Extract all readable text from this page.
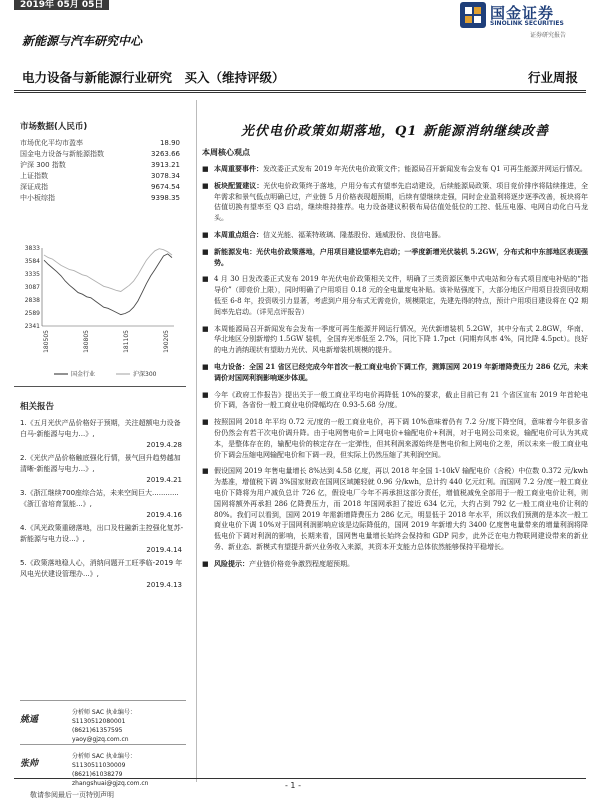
2019年 05月 05日	国金证券
SINOLINK SECURITIES
证券研究报告
新能源与汽车研究中心
电力设备与新能源行业研究　买入（维持评级）	行业周报
市场数据(人民币)
市场优化平均市盈率	18.90
国金电力设备与新能源指数	3263.66
沪深 300 指数	3913.21
上证指数	3078.34
深证成指	9674.54
中小板综指	9398.35
3833
3584
3335
3087
2838
2589
2341
180505	180805	181105	190205
国金行业	沪深300
相关报告
1.《五月光伏产品价格好于预期，关注超额电力设备白马-新能源与电力...》,
2019.4.28
2.《光伏产品价格触底强化行情，景气回升趋势越加清晰-新能源与电力...》,
2019.4.21
3.《浙江继续700座综合站，未来空间巨大............ 《浙江省培育氢能...》,
2019.4.16
4.《风光政策重磅落地，出口及柱融新主控强化复苏-新能源与电力设...》,
2019.4.14
5.《政策落地稳人心，消纳问题开工旺季临-2019 年风电光伏建设管理办...》,
2019.4.13
姚遥
分析师 SAC 执业编号：S1130512080001
(8621)61357595
yaoy@gjzq.com.cn
张帅
分析师 SAC 执业编号：S1130511030009
(8621)61038279
zhangshuai@gjzq.com.cn
光伏电价政策如期落地，Q1 新能源消纳继续改善
本周核心观点
■ 本周重要事件：发改委正式发布 2019 年光伏电价政策文件；能源局召开新闻发布会发布 Q1 可再生能源并网运行情况。
■ 板块配置建议：光伏电价政策终于落地，户用分布式有望率先启动建设，后续能源局政策、项目竞价排序将陆续推进，全年需求和景气低点明确已过，产业链 5 月价格表现超预期，后续有望继续走强，同时企业盈利将逐步逐季改善，板块将年估值切换有望率至 Q3 启动，继续维持推荐。电力设备建议积极布局估值处低位的工控、低压电器、电网自动化白马龙头。
■ 本周重点组合：信义光能、福莱特玻璃、隆基股份、通威股份、良信电器。
■ 新能源发电：光伏电价政策落地，户用项目建设望率先启动；一季度新增光伏装机 5.2GW，分布式和中东部地区表现强势。
■ 4 月 30 日发改委正式发布 2019 年光伏电价政策相关文件，明确了三类资源区集中式电站和分布式项目度电补贴的“指导价”（即竞价上限），同时明确了户用项目 0.18 元的全电量度电补贴。该补贴强度下，大部分地区户用项目投资回收期低至 6-8 年，投资吸引力显著，考虑到户用分布式无需竞价，规模限定，先建先得的特点，预计户用项目建设将在 Q2 期间率先启动。（详见点评报告）
■ 本周能源局召开新闻发布会发布一季度可再生能源并网运行情况，光伏新增装机 5.2GW，其中分布式 2.8GW，华南、华北地区分别新增约 1.5GW 装机，全国弃光率低至 2.7%，同比下降 1.7pct（同期弃风率 4%，同比降 4.5pct）。良好的电力消纳现状有望助力光伏、风电新增装机规模的提升。
■ 电力设备：全国 21 省区已经完成今年首次一般工商业电价下调工作，测算国网 2019 年新增降费压力 286 亿元，未来调价对国网利润影响逐步体现。
■ 今年《政府工作报告》提出关于一般工商业平均电价再降低 10%的要求，截止目前已有 21 个省区宣布 2019 年首轮电价下调，各省份一般工商业电价降幅均在 0.93-5.68 分/度。
■ 按照国网 2018 年平均 0.72 元/度的一般工商业电价，再下调 10%意味着仍有 7.2 分/度下降空间，意味着今年很多省份仍然会有若干次电价调升降。由于电网售电价=上网电价+输配电价+利润，对于电网公司来说，输配电价可认为其成本，是整体存在的，输配电价的核定存在一定弹性，但其利润来源始终是售电价和上网电价之差，所以未来一般工商业电价下调会压缩电网输配电价和下调一段，但实际上仍然压缩了其利润空间。
■ 假设国网 2019 年售电量增长 8%达到 4.58 亿度，再以 2018 年全国 1-10kV 输配电价（含税）中位数 0.372 元/kwh 为基准，增值税下调 3%国家财政在国网区域摊轻就 0.96 分/kwh，总计约 440 亿元红利。而国网 7.2 分/度一般工商业电价下降将为用户减负总计 726 亿，假设电厂今年不再承担这部分责任，增值税减免全部用于一般工商业电价让利，则国网将额外再承担 286 亿降费压力，而 2018 年国网承担了接近 634 亿元，大约占到 792 亿一般工商业电价让利的 80%。我们可以看到，国网 2019 年需新增降费压力 286 亿元，明显低于 2018 年水平，所以我们预测的是本次一般工商业电价下调 10%对于国网利润影响应该是边际降低的，国网 2019 年新增大约 3400 亿度售电量带来的增量利润将降低电价下调对利润的影响，长期来看，国网售电量增长始终会保持和 GDP 同步，此外泛在电力物联网建设带来的新业务、新业态、新模式有望提升新兴业务收入来源，其资本开支能力总体依然能够保持平稳增长。
■ 风险提示：产业链价格竞争激烈程度超预期。
- 1 -
敬请参阅最后一页特别声明
